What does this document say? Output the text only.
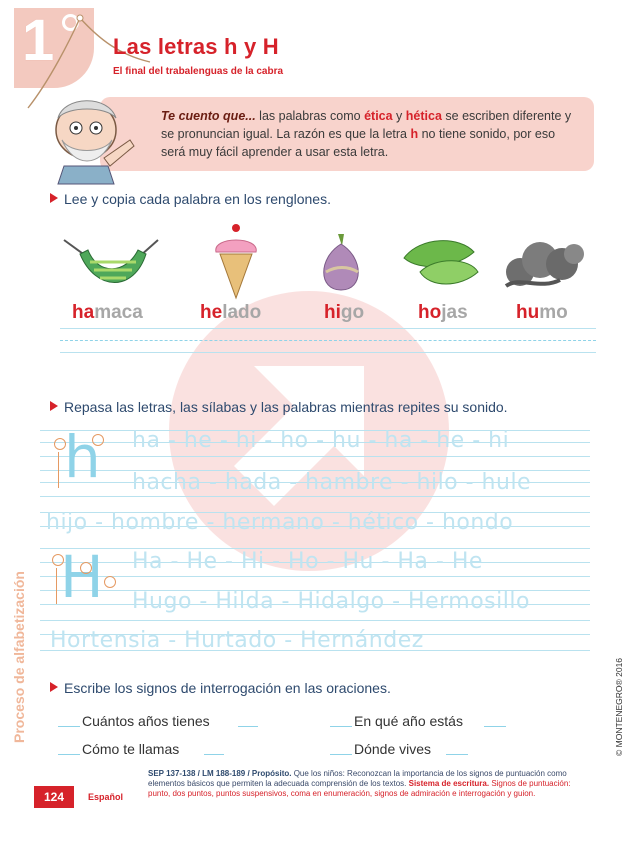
1	Las letras h y H
El final del trabalenguas de la cabra
Te cuento que... las palabras como ética y hética se escriben diferente y se pronuncian igual. La razón es que la letra h no tiene sonido, por eso será muy fácil aprender a usar esta letra.
Lee y copia cada palabra en los renglones.
hamaca	helado	higo	hojas	humo
Repasa las letras, las sílabas y las palabras mientras repites su sonido.
h
H
ha - he - hi - ho - hu - ha - he - hi
hacha - hada - hambre - hilo - hule
hijo - hombre - hermano - hético - hondo
Ha - He - Hi - Ho - Hu - Ha - He
Hugo - Hilda - Hidalgo - Hermosillo
Hortensia - Hurtado - Hernández
Escribe los signos de interrogación en las oraciones.
Cuántos años tienes	En qué año estás
Cómo te llamas	Dónde vives
Proceso de alfabetización	© MONTENEGRO® 2016
124	Español
SEP 137-138 / LM 188-189 / Propósito. Que los niños: Reconozcan la importancia de los signos de puntuación como elementos básicos que permiten la adecuada comprensión de los textos. Sistema de escritura. Signos de puntuación: punto, dos puntos, puntos suspensivos, coma en enumeración, signos de admiración e interrogación y guion.
